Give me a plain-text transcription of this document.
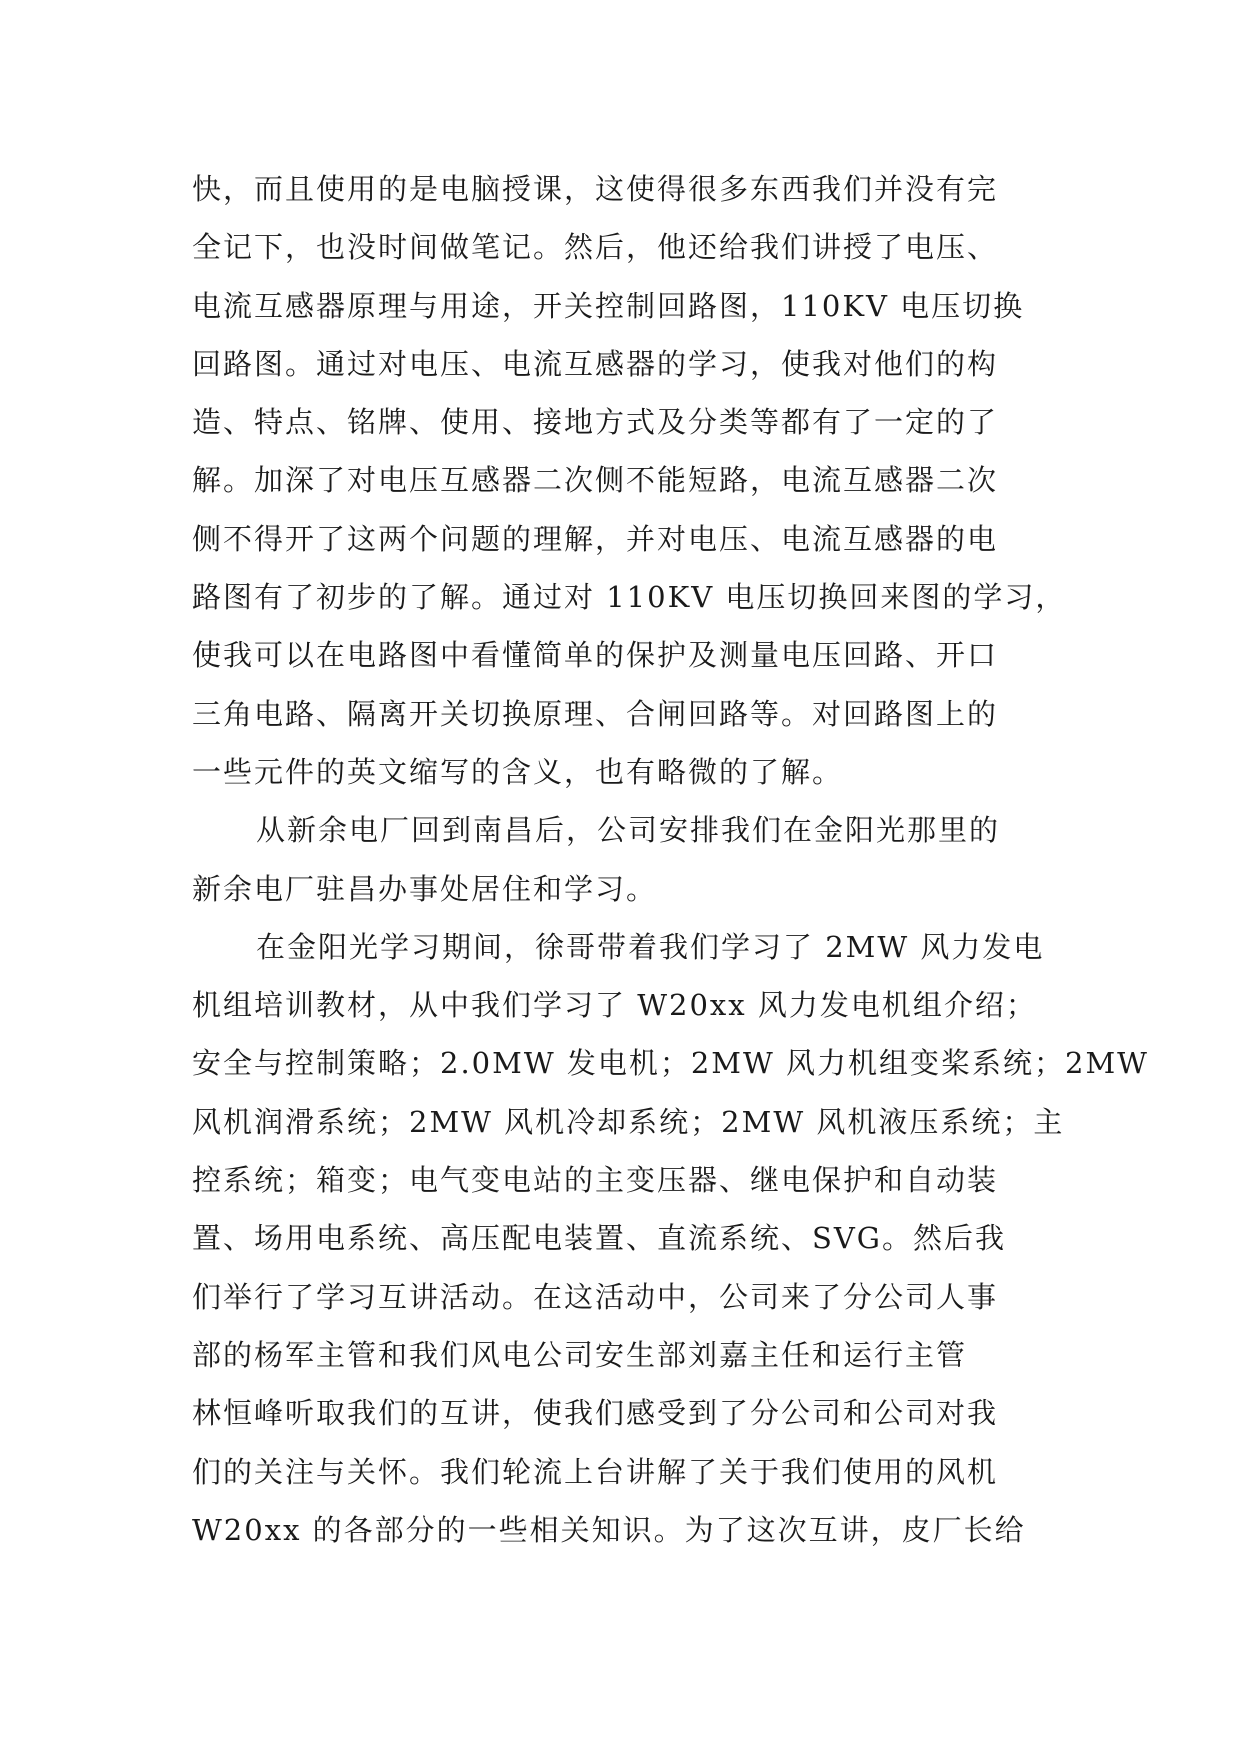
快，而且使用的是电脑授课，这使得很多东西我们并没有完
全记下，也没时间做笔记。然后，他还给我们讲授了电压、
电流互感器原理与用途，开关控制回路图，110KV 电压切换
回路图。通过对电压、电流互感器的学习，使我对他们的构
造、特点、铭牌、使用、接地方式及分类等都有了一定的了
解。加深了对电压互感器二次侧不能短路，电流互感器二次
侧不得开了这两个问题的理解，并对电压、电流互感器的电
路图有了初步的了解。通过对 110KV 电压切换回来图的学习，
使我可以在电路图中看懂简单的保护及测量电压回路、开口
三角电路、隔离开关切换原理、合闸回路等。对回路图上的
一些元件的英文缩写的含义，也有略微的了解。
从新余电厂回到南昌后，公司安排我们在金阳光那里的
新余电厂驻昌办事处居住和学习。
在金阳光学习期间，徐哥带着我们学习了 2MW 风力发电
机组培训教材，从中我们学习了 W20xx 风力发电机组介绍；
安全与控制策略；2.0MW 发电机；2MW 风力机组变桨系统；2MW
风机润滑系统；2MW 风机冷却系统；2MW 风机液压系统；主
控系统；箱变；电气变电站的主变压器、继电保护和自动装
置、场用电系统、高压配电装置、直流系统、SVG。然后我
们举行了学习互讲活动。在这活动中，公司来了分公司人事
部的杨军主管和我们风电公司安生部刘嘉主任和运行主管
林恒峰听取我们的互讲，使我们感受到了分公司和公司对我
们的关注与关怀。我们轮流上台讲解了关于我们使用的风机
W20xx 的各部分的一些相关知识。为了这次互讲，皮厂长给
